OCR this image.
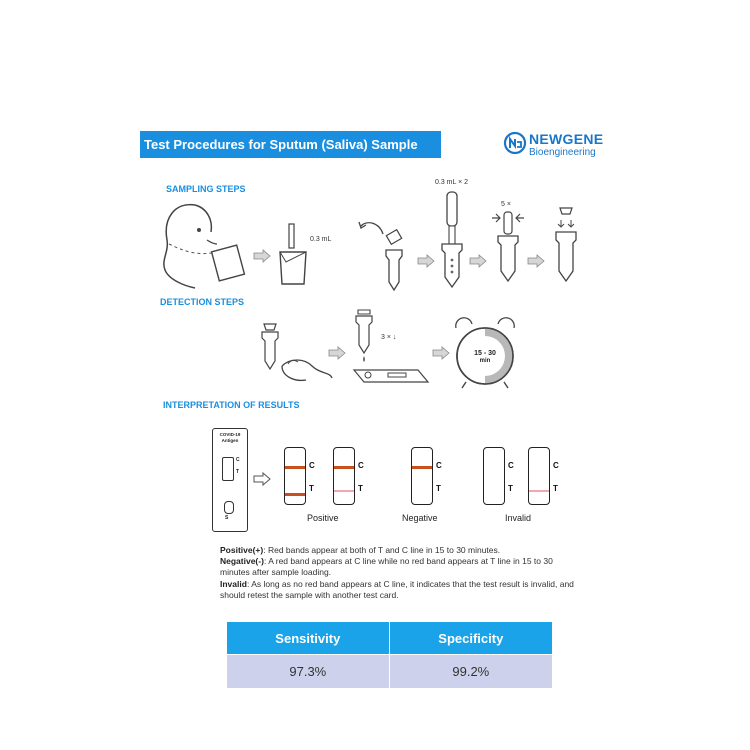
Test Procedures for Sputum (Saliva) Sample	NEWGENE
Bioengineering
SAMPLING STEPS
0.3 mL
0.3 mL × 2
5 ×
DETECTION STEPS
3 × ↓
15 - 30
min
INTERPRETATION OF RESULTS
COVID-19
Antigen
C
T
S
C
T
C
T
Positive
C
T
Negative
C
T
C
T
Invalid

Positive(+): Red bands appear at both of T and C line in 15 to 30 minutes.

Negative(-): A red band appears at C line while no red band appears at T line in 15 to 30 minutes after sample loading.

Invalid: As long as no red band appears at C line, it indicates that the test result is invalid, and should retest the sample with another test card.

Sensitivity	Specificity
97.3%	99.2%
